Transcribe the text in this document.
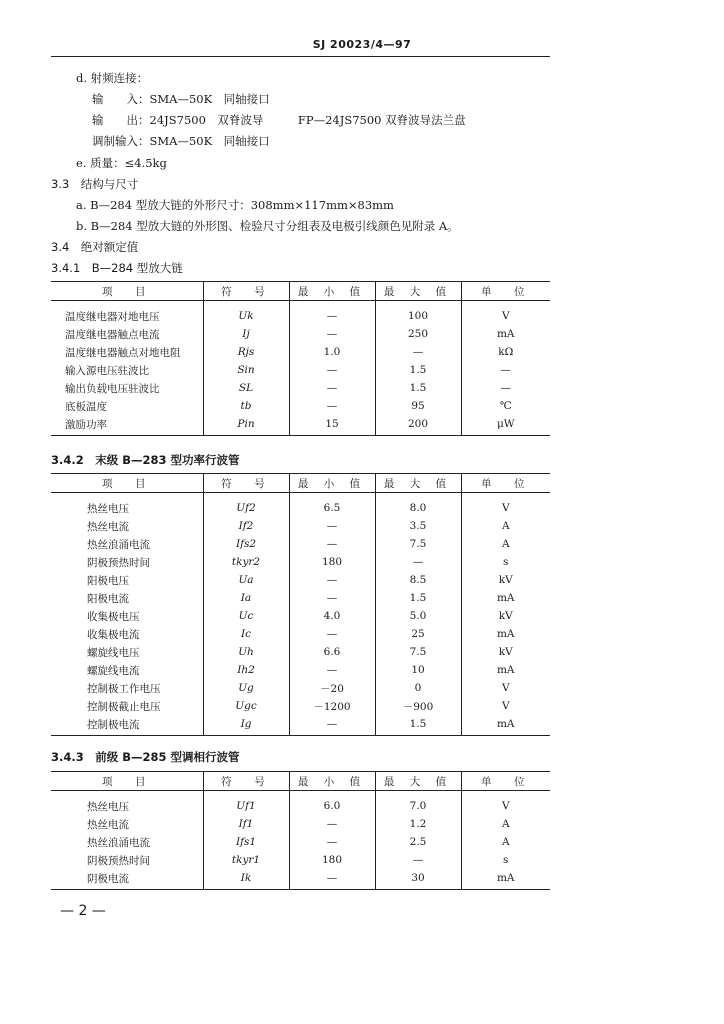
SJ 20023/4—97
d. 射频连接：
输　　入：SMA—50K　同轴接口
输　　出：24JS7500　双脊波导　　　FP—24JS7500 双脊波导法兰盘
调制输入：SMA—50K　同轴接口
e. 质量：≤4.5kg
3.3　结构与尺寸
a. B—284 型放大链的外形尺寸：308mm×117mm×83mm
b. B—284 型放大链的外形图、检验尺寸分组表及电极引线颜色见附录 A。
3.4　绝对额定值
3.4.1　B—284 型放大链
项　目	符　号	最 小 值	最 大 值	单　位
温度继电器对地电压	Uk	—	100	V
温度继电器触点电流	Ij	—	250	mA
温度继电器触点对地电阻	Rjs	1.0	—	kΩ
输入源电压驻波比	Sin	—	1.5	—
输出负载电压驻波比	SL	—	1.5	—
底板温度	tb	—	95	℃
激励功率	Pin	15	200	μW
3.4.2　末级 B—283 型功率行波管
项　目	符　号	最 小 值	最 大 值	单　位
热丝电压	Uf2	6.5	8.0	V
热丝电流	If2	—	3.5	A
热丝浪涌电流	Ifs2	—	7.5	A
阴极预热时间	tkyr2	180	—	s
阳极电压	Ua	—	8.5	kV
阳极电流	Ia	—	1.5	mA
收集极电压	Uc	4.0	5.0	kV
收集极电流	Ic	—	25	mA
螺旋线电压	Uh	6.6	7.5	kV
螺旋线电流	Ih2	—	10	mA
控制极工作电压	Ug	－20	0	V
控制极截止电压	Ugc	－1200	－900	V
控制极电流	Ig	—	1.5	mA
3.4.3　前级 B—285 型调相行波管
项　目	符　号	最 小 值	最 大 值	单　位
热丝电压	Uf1	6.0	7.0	V
热丝电流	If1	—	1.2	A
热丝浪涌电流	Ifs1	—	2.5	A
阴极预热时间	tkyr1	180	—	s
阴极电流	Ik	—	30	mA
— 2 —
